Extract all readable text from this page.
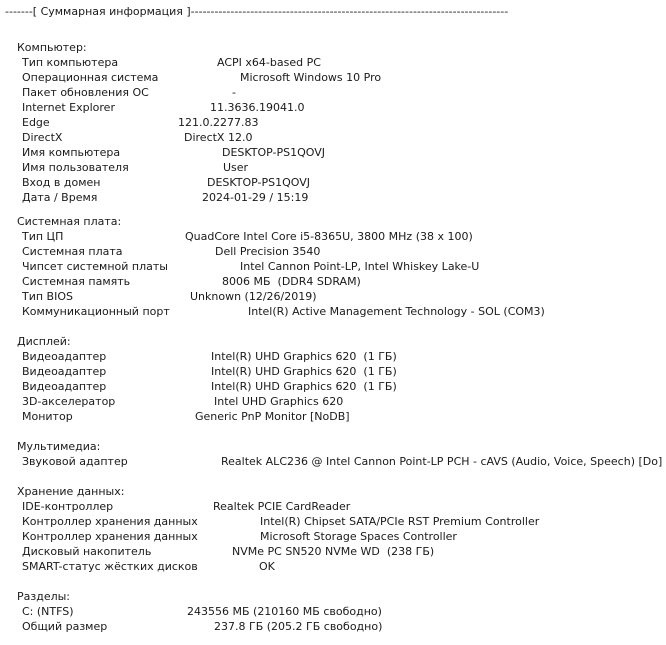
-------[ Суммарная информация ]--------------------------------------------------------------------------------
Компьютер:
Тип компьютера	ACPI x64-based PC
Операционная система	Microsoft Windows 10 Pro
Пакет обновления ОС	-
Internet Explorer	11.3636.19041.0
Edge	121.0.2277.83
DirectX	DirectX 12.0
Имя компьютера	DESKTOP-PS1QOVJ
Имя пользователя	User
Вход в домен	DESKTOP-PS1QOVJ
Дата / Время	2024-01-29 / 15:19
Системная плата:
Тип ЦП	QuadCore Intel Core i5-8365U, 3800 MHz (38 x 100)
Системная плата	Dell Precision 3540
Чипсет системной платы	Intel Cannon Point-LP, Intel Whiskey Lake-U
Системная память	8006 МБ  (DDR4 SDRAM)
Тип BIOS	Unknown (12/26/2019)
Коммуникационный порт	Intel(R) Active Management Technology - SOL (COM3)
Дисплей:
Видеоадаптер	Intel(R) UHD Graphics 620  (1 ГБ)
Видеоадаптер	Intel(R) UHD Graphics 620  (1 ГБ)
Видеоадаптер	Intel(R) UHD Graphics 620  (1 ГБ)
3D-акселератор	Intel UHD Graphics 620
Монитор	Generic PnP Monitor [NoDB]
Мультимедиа:
Звуковой адаптер	Realtek ALC236 @ Intel Cannon Point-LP PCH - cAVS (Audio, Voice, Speech) [Do]
Хранение данных:
IDE-контроллер	Realtek PCIE CardReader
Контроллер хранения данных	Intel(R) Chipset SATA/PCIe RST Premium Controller
Контроллер хранения данных	Microsoft Storage Spaces Controller
Дисковый накопитель	NVMe PC SN520 NVMe WD  (238 ГБ)
SMART-статус жёстких дисков	OK
Разделы:
C: (NTFS)	243556 МБ (210160 МБ свободно)
Общий размер	237.8 ГБ (205.2 ГБ свободно)
